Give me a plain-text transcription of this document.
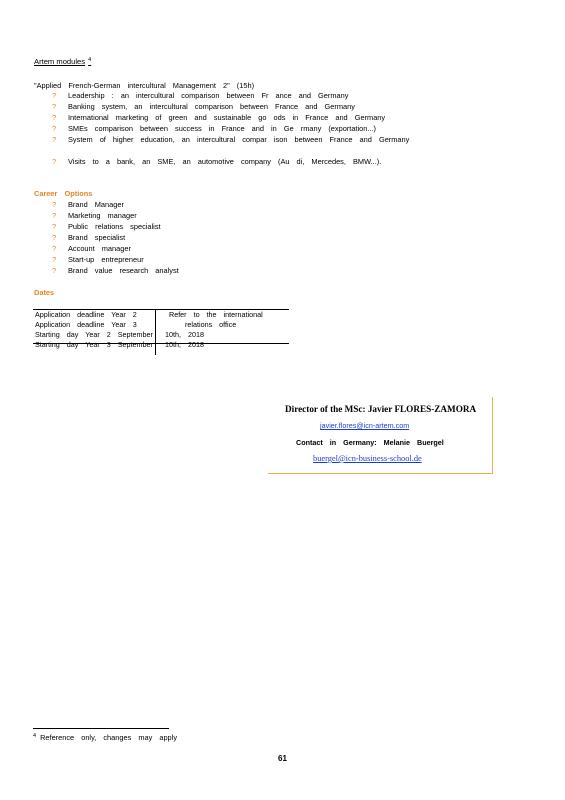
Artem modules $^4$
"Applied French-German intercultural Management 2" (15h)
? Leadership : an intercultural comparison between Fr ance and Germany
? Banking system, an intercultural comparison between France and Germany
? International marketing of green and sustainable go ods in France and Germany
? SMEs comparison between success in France and in Ge rmany (exportation...)
? System of higher education, an intercultural compar ison between France and Germany
? Visits to a bank, an SME, an automotive company (Au di, Mercedes, BMW...).
Career Options
? Brand Manager
? Marketing manager
? Public relations specialist
? Brand specialist
? Account manager
? Start-up entrepreneur
? Brand value research analyst
Dates
Application deadline Year 2	Refer to the international
Application deadline Year 3	relations office
Starting day Year 2 September	10th, 2018
Starting day Year 3 September	10th, 2018
Director of the MSc: Javier FLORES-ZAMORA
javier.flores@icn-artem.com
Contact in Germany: Melanie Buergel
buergel@icn-business-school.de
$^4$ Reference only, changes may apply
61
